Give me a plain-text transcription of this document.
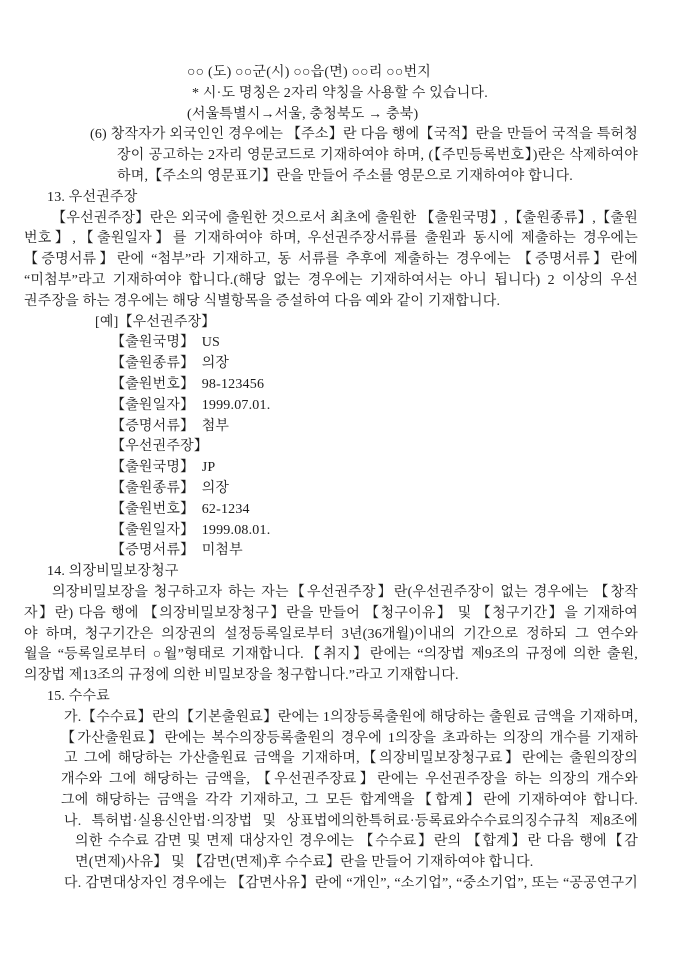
○○ (도) ○○군(시) ○○읍(면) ○○리 ○○번지
* 시·도 명칭은 2자리 약칭을 사용할 수 있습니다.
(서울특별시→서울, 충청북도 → 충북)
(6) 창작자가 외국인인 경우에는 【주소】란 다음 행에【국적】란을 만들어 국적을 특허청
장이 공고하는 2자리 영문코드로 기재하여야 하며, (【주민등록번호】)란은 삭제하여야
하며,【주소의 영문표기】란을 만들어 주소를 영문으로 기재하여야 합니다.
13. 우선권주장
【우선권주장】란은 외국에 출원한 것으로서 최초에 출원한 【출원국명】,【출원종류】,【출원
번호】,【출원일자】를 기재하여야 하며, 우선권주장서류를 출원과 동시에 제출하는 경우에는
【증명서류】란에 “첨부”라 기재하고, 동 서류를 추후에 제출하는 경우에는 【증명서류】란에
“미첨부”라고 기재하여야 합니다.(해당 없는 경우에는 기재하여서는 아니 됩니다) 2 이상의 우선
권주장을 하는 경우에는 해당 식별항목을 증설하여 다음 예와 같이 기재합니다.
[예]【우선권주장】
【출원국명】  US
【출원종류】  의장
【출원번호】  98-123456
【출원일자】  1999.07.01.
【증명서류】  첨부
【우선권주장】
【출원국명】  JP
【출원종류】  의장
【출원번호】  62-1234
【출원일자】  1999.08.01.
【증명서류】  미첨부
14. 의장비밀보장청구
의장비밀보장을 청구하고자 하는 자는【우선권주장】란(우선권주장이 없는 경우에는 【창작
자】란) 다음 행에 【의장비밀보장청구】란을 만들어 【청구이유】 및 【청구기간】을 기재하여
야 하며, 청구기간은 의장권의 설정등록일로부터 3년(36개월)이내의 기간으로 정하되 그 연수와
월을 “등록일로부터 ○월”형태로 기재합니다.【취지】란에는 “의장법 제9조의 규정에 의한 출원,
의장법 제13조의 규정에 의한 비밀보장을 청구합니다.”라고 기재합니다.
15. 수수료
가.【수수료】란의【기본출원료】란에는 1의장등록출원에 해당하는 출원료 금액을 기재하며,
【가산출원료】란에는 복수의장등록출원의 경우에 1의장을 초과하는 의장의 개수를 기재하
고 그에 해당하는 가산출원료 금액을 기재하며,【의장비밀보장청구료】란에는 출원의장의
개수와 그에 해당하는 금액을, 【우선권주장료】란에는 우선권주장을 하는 의장의 개수와
그에 해당하는 금액을 각각 기재하고, 그 모든 합계액을【합계】란에 기재하여야 합니다.
나. 특허법·실용신안법·의장법 및 상표법에의한특허료·등록료와수수료의징수규칙 제8조에
의한 수수료 감면 및 면제 대상자인 경우에는 【수수료】란의 【합계】란 다음 행에【감
면(면제)사유】 및 【감면(면제)후 수수료】란을 만들어 기재하여야 합니다.
다. 감면대상자인 경우에는 【감면사유】란에 “개인”, “소기업”, “중소기업”, 또는 “공공연구기
